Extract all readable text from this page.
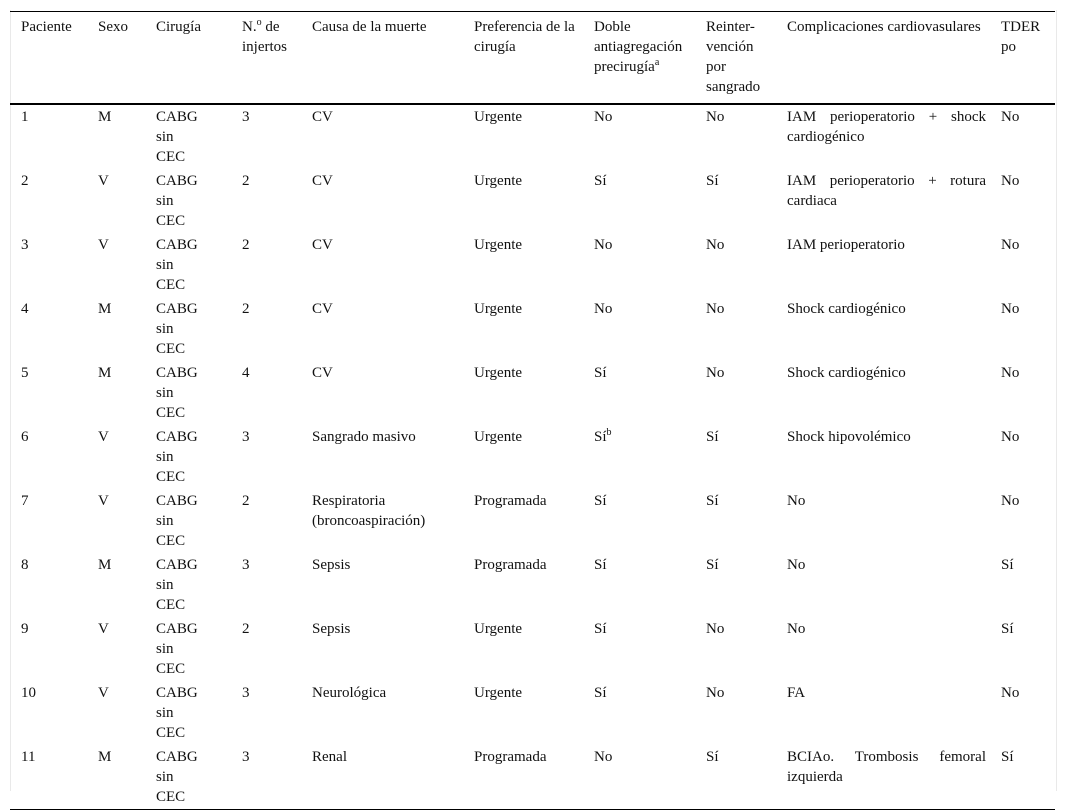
Paciente	Sexo	Cirugía	N.$^o$ de injertos	Causa de la muerte	Preferencia de la cirugía	Doble antiagregación precirugía$^a$	Reinter-vención por sangrado	Complicaciones cardiovasulares	TDER po
1	M	CABG sin CEC	3	CV	Urgente	No	No	IAM perioperatorio + shock cardiogénico	No
2	V	CABG sin CEC	2	CV	Urgente	Sí	Sí	IAM perioperatorio + rotura cardiaca	No
3	V	CABG sin CEC	2	CV	Urgente	No	No	IAM perioperatorio	No
4	M	CABG sin CEC	2	CV	Urgente	No	No	Shock cardiogénico	No
5	M	CABG sin CEC	4	CV	Urgente	Sí	No	Shock cardiogénico	No
6	V	CABG sin CEC	3	Sangrado masivo	Urgente	$Sí^b$	Sí	Shock hipovolémico	No
7	V	CABG sin CEC	2	Respiratoria (broncoaspiración)	Programada	Sí	Sí	No	No
8	M	CABG sin CEC	3	Sepsis	Programada	Sí	Sí	No	Sí
9	V	CABG sin CEC	2	Sepsis	Urgente	Sí	No	No	Sí
10	V	CABG sin CEC	3	Neurológica	Urgente	Sí	No	FA	No
11	M	CABG sin CEC	3	Renal	Programada	No	Sí	BCIAo. Trombosis femoral izquierda	Sí
